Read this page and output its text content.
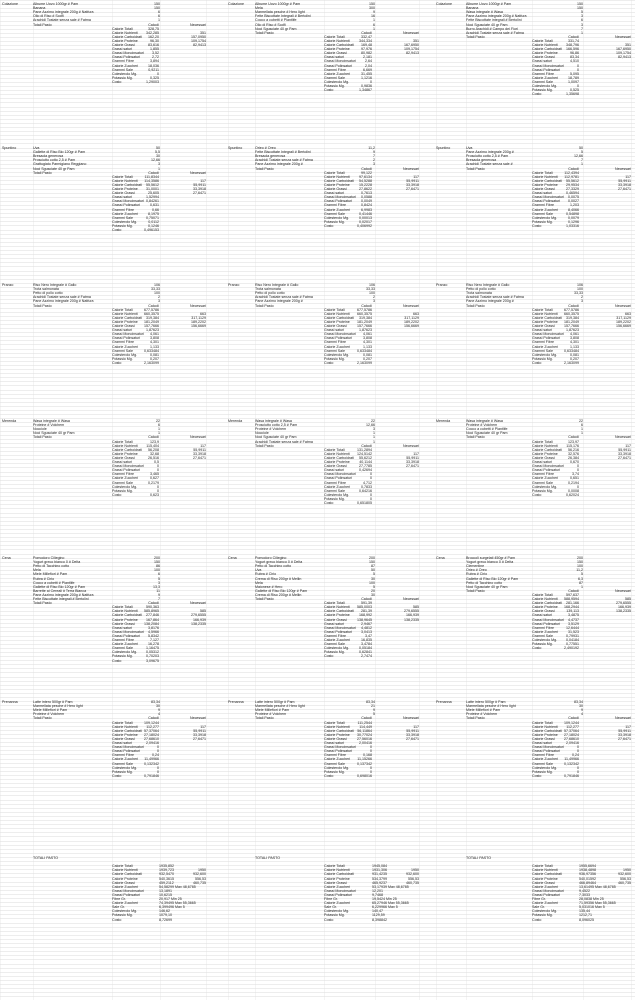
Colazione	Albume Uovo 1000gr # Pam	150
Banana	150
Pane Azzimo integrale 200g # Natfura	6
Olio di Riso # Sodfi	6
Arachidi Tostate senza sale # Fatma	1
Totali Pasto	Calcoli	Necessari
Calorie Totali	328,75
Calorie Nutrienti	342,285	351
Calorie Carboidrati	162,20	157,0950
Calorie Proteine	96,30	109,1754
Calorie Grassi	83,616	82,9413
Grassi saturi	1,855
Grassi Monoinsaturi	3,52
Grassi Polinsaturi	2,72
Grammi Fibre	3,894
Calorie Zuccheri	18,036
Grammi Sale	0,9211
Colesterolo Mg.	0
Potassio Mg.	0,325
Costo	1,29003
Colazione	Albume Uovo 1000gr # Pam	150
Mela	300
Marmellata pesche # Hero light	9
Fette Biscottate Integrali # Bertolini	16
Cocco a cubetti # Plantlife	1
Olio di Riso # Sodfi	6
Noci Sgusciate 40 gr Pam	1
Totali Pasto	Calcoli	Necessari
Calorie Totali	332,47
Calorie Nutrienti	344,334	351
Calorie Carboidrati	169,48	167,6950
Calorie Proteine	97,976	109,1754
Calorie Grassi	80,982	82,9413
Grassi saturi	2,181
Grassi Monoinsaturi	2,64
Grassi Polinsaturi	2,04
Grammi Fibre	6,669
Calorie Zuccheri	31,455
Grammi Sale	1,1216
Colesterolo Mg.	0
Potassio Mg.	0,9836
Costo	1,34867
Colazione	Albume Uovo 1000gr # Pam	150
Banana	150
Wasa integrale # Wasa	5
Pane Azzimo integrale 200g # Natfura	3
Fette Biscottate integrali # Bertolini	6
Noci Sgusciate 40 gr Pam	3
Burro Arachidi # Campo dei Fiori	7
Arachidi Tostate senza sale # Fatma	1
Totali Pasto	Calcoli	Necessari
Calorie Totali	331,74
Calorie Nutrienti	348,796	351
Calorie Carboidrati	166,596	167,6950
Calorie Proteine	96,86	109,1754
Calorie Grassi	83,34	82,9413
Grassi saturi	4,510
Grassi Monoinsaturi	0
Grassi Polinsaturi	0
Grammi Fibre	5,095
Calorie Zuccheri	18,789
Grammi Sale	1,0097
Colesterolo Mg.	0
Potassio Mg.	0,525
Costo	1,35698
Spuntino	Uva	50
Gallette di Riso Bio 120gr # Pam	5,5
Bresaola generosa	30
Prosciutto cotto 2,5 # Pam	12,66
Grattugiato Parmigiano Reggiano	3
Noci Sgusciate 40 gr Pam	1
Totali Pasto	Calcoli	Necessari
Calorie Totali	111,8344
Calorie Nutrienti	114,3586	117
Calorie Carboidrati	55,5612	55,9911
Calorie Proteine	31,0001	33,3918
Calorie Grassi	25,605	27,6471
Grassi saturi	1,52994
Grassi Monoinsaturi 0,84261
Grassi Polinsaturi	0,631
Grammi Fibre	0,66
Calorie Zuccheri	8,1975
Grammi Sale	0,75071
Colesterolo Mg.	0,0112
Potassio Mg.	0,1246
Costo	0,496153
Spuntino	Orieo # Oreo	11,2
Fette Biscottate Integrali # Bertolini	9
Bresaola generosa	7
Arachidi Tostate senza sale # Fatma	2
Pane Azzimo integrale 200g #	3
Totali Pasto	Calcoli	Necessari
Calorie Totali	99,122
Calorie Nutrienti	97,6134	117
Calorie Carboidrati	54,5288	55,9911
Calorie Proteine	15,2228	33,3918
Calorie Grassi	27,8622	27,6471
Grassi saturi	0,7613
Grassi Monoinsaturi	0,0588
Grassi Polinsaturi	0,0049
Grammi Fibre	0,8424
Calorie Zuccheri	6,9983
Grammi Sale	0,41446
Colesterolo Mg.	0,00013
Potassio Mg.	0,02017
Costo	0,406992
Spuntino	Uva	50
Pane Azzimo integrale 200g #	5
Prosciutto cotto 2,5 # Pam	12,66
Bresaola generosa	7
Arachidi Tostate senza sale #	1
Totali Pasto	Calcoli	Necessari
Calorie Totali	112,4394
Calorie Nutrienti	112,9781	117
Calorie Carboidrati	55,5612	55,9911
Calorie Proteine	29,9534	33,3918
Calorie Grassi	27,3329	27,6471
Grassi saturi	0,46594
Grassi Monoinsaturi	0,0075
Grassi Polinsaturi	0,0027
Grammi Fibre	1,203
Calorie Zuccheri	8,4066
Grammi Sale	0,54898
Colesterolo Mg.	0,0079
Potassio Mg.	0,1296
Costo	1,03316
Pranzo	Riso Nero Integrale # Gallo	106
Trota salmonata	33,33
Petto di pollo cotto	100
Arachidi Tostate senza sale # Fatma	2
Pane Azzimo integrale 200g # Natfura	3
Totali Pasto	Calcoli	Necessari
Calorie Totali	677,5786
Calorie Nutrienti	660,3575	663
Calorie Carboidrati	319,384	317,1129
Calorie Proteine	181,2049	189,2202
Calorie Grassi	157,7666	156,6669
Grassi saturi	1,87623
Grassi Monoinsaturi	4,061
Grassi Polinsaturi	3,808
Grammi Fibre	4,301
Calorie Zuccheri	1,133
Grammi Sale	0,633484
Colesterolo Mg.	0,081
Potassio Mg.	0,207
Costo	2,163099
Pranzo	Riso Nero Integrale # Gallo	106
Trota salmonata	33,33
Petto di pollo cotto	100
Arachidi Tostate senza sale # Fatma	2
Pane Azzimo integrale 200g #	3
Totali Pasto	Calcoli	Necessari
Calorie Totali	677,5786
Calorie Nutrienti	660,3575	663
Calorie Carboidrati	319,384	317,1129
Calorie Proteine	181,2049	189,2202
Calorie Grassi	157,7666	156,6669
Grassi saturi	1,87623
Grassi Monoinsaturi	4,061
Grassi Polinsaturi	3,808
Grammi Fibre	4,301
Calorie Zuccheri	1,133
Grammi Sale	0,633484
Colesterolo Mg.	0,081
Potassio Mg.	0,207
Costo	2,163099
Pranzo	Riso Nero Integrale # Gallo	106
Petto di pollo cotto	100
Trota salmonata	33,33
Arachidi Tostate senza sale # Fatma	2
Pane Azzimo integrale 200g #	3
Totali Pasto	Calcoli	Necessari
Calorie Totali	677,5786
Calorie Nutrienti	660,3575	663
Calorie Carboidrati	319,384	317,1129
Calorie Proteine	181,2049	189,2202
Calorie Grassi	157,7666	156,6669
Grassi saturi	1,87623
Grassi Monoinsaturi	4,061
Grassi Polinsaturi	3,808
Grammi Fibre	4,301
Calorie Zuccheri	1,133
Grammi Sale	0,633484
Colesterolo Mg.	0,081
Potassio Mg.	0,207
Costo	2,163099
Merenda	Wasa integrale # Wasa	22
Proteine # Volchem	6
Nocciole	1
Noci Sgusciate 40 gr Pam	1
Totali Pasto	Calcoli	Necessari
Calorie Totali	123,9
Calorie Nutrienti	115,404	117
Calorie Carboidrati	56,208	55,9911
Calorie Proteine	32,68	33,3918
Calorie Grassi	26,516	27,6471
Grassi saturi	0,5
Grassi Monoinsaturi	0
Grassi Polinsaturi	0
Grammi Fibre	3,465
Calorie Zuccheri	0,627
Grammi Sale	0,2179
Colesterolo Mg.	0
Potassio Mg.	0
Costo	0,623
Merenda	Wasa integrale # Wasa	22
Prosciutto cotto 2,5 # Pam	12,66
Proteine # Volchem	3
Nocciole	1
Noci Sgusciate 40 gr Pam	1
Arachidi Tostate senza sale # Fatma	1
Totali Pasto	Calcoli	Necessari
Calorie Totali	131,2894
Calorie Nutrienti	124,5142	117
Calorie Carboidrati	55,6212	55,9911
Calorie Proteine	40,1144	33,3918
Calorie Grassi	27,7785	27,6471
Grassi saturi	0,42694
Grassi Monoinsaturi	0
Grassi Polinsaturi	0
Grammi Fibre	4,712
Calorie Zuccheri	0,7833
Grammi Sale	0,64216
Colesterolo Mg.	0
Potassio Mg.	0
Costo	0,651805
Merenda	Wasa integrale # Wasa	22
Proteine # Volchem	6
Cocco a cubetti # Plantlife	1
Noci Sgusciate 40 gr Pam	1
Totali Pasto	Calcoli	Necessari
Calorie Totali	123,97
Calorie Nutrienti	115,176	117
Calorie Carboidrati	56,216	55,9911
Calorie Proteine	32,576	33,3918
Calorie Grassi	26,384	27,6471
Grassi saturi	0,670
Grassi Monoinsaturi	0
Grassi Polinsaturi	0
Grammi Fibre	3,74
Calorie Zuccheri	0,651
Grammi Sale	0,2194
Colesterolo Mg.	0
Potassio Mg.	0,0008
Costo	0,62024
Cena	Pomodoro Ciliegino	200
Yogurt greco bianco 0 # Delta	150
Petto di Tacchino cotto	86
Mela	100
Miele Millefiori # Pam	6
Rubra # Cirio	5
Cocco a cubetti # Plantlife	3
Gallette di Riso Bio 120gr # Pam	13,3
Barrette ai Cereali # Terra Bianca	11
Pane Azzimo integrale 200g # Natfura	9
Fette Biscottate integrali # Bertolini	7
Totali Pasto	Calcoli	Necessari
Calorie Totali	590,363
Calorie Nutrienti	585,8965	585
Calorie Carboidrati	277,846	279,6555
Calorie Proteine	167,864	166,939
Calorie Grassi	138,2084	138,2335
Grassi saturi	3,8176
Grassi Monoinsaturi	4,5966
Grassi Polinsaturi	5,8342
Grammi Fibre	7,127
Calorie Zuccheri	16,278
Grammi Sale	1,16475
Colesterolo Mg.	0,05312
Potassio Mg.	0,70203
Costo	3,09675
Cena	Pomodoro Ciliegino	200
Yogurt greco bianco 0 # Delta	150
Petto di Tacchino cotto	87
Uva	50
Rubra # Cirio	5
Crema di Riso 200gr # Mellin	30
Mela	100
Maionese # Hero	5
Gallette di Riso Bio 120gr # Pam	20
Crema di Riso 200gr # Mellin	30
Totali Pasto	Calcoli	Necessari
Calorie Totali	591,39
Calorie Nutrienti	585,0003	585
Calorie Carboidrati	281,39	279,6555
Calorie Proteine	168,992	166,939
Calorie Grassi	138,9645	138,2335
Grassi saturi	2,9467
Grassi Monoinsaturi	4,4812
Grassi Polinsaturi	3,0413
Grammi Fibre	3,47
Calorie Zuccheri	16,835
Grammi Sale	3,4784
Colesterolo Mg.	0,05184
Potassio Mg.	0,62841
Costo	2,7474
Cena	Broccoli surgelati 450gr # Pam	200
Yogurt greco bianco 0 # Delta	150
Clementine	100
Orieo # Oreo	11,2
Rubra # Cirio	5
Gallette di Riso Bio 120gr # Pam	6,3
Petto di Tacchino cotto	87
Noci Sgusciate 40 gr Pam	1
Totali Pasto	Calcoli	Necessari
Calorie Totali	597,637
Calorie Nutrienti	588,9594	585
Calorie Carboidrati	281,166	279,6555
Calorie Proteine	168,2944	166,939
Calorie Grassi	139,113	138,2335
Grassi saturi	3,4875
Grassi Monoinsaturi	4,4737
Grassi Polinsaturi	3,5129
Grammi Fibre	12,6444
Calorie Zuccheri	31,523
Grammi Sale	0,79931
Colesterolo Mg.	0,04184
Potassio Mg.	0,77551
Costo	2,490192
Prenanna	Latte intero 500gr # Pam	83,34
Marmellata pesche # Hero light	30
Miele Millefiori # Pam	9
Proteine # Volchem	4
Totali Pasto	Calcoli	Necessari
Calorie Totali	109,1244
Calorie Nutrienti	112,277	117
Calorie Carboidrati 57,37064	55,9911
Calorie Proteine	27,18024	33,3918
Calorie Grassi	27,68610	27,6471
Grassi saturi	2,09416
Grassi Monoinsaturi	0
Grassi Polinsaturi	0
Grammi Fibre	0,24
Calorie Zuccheri	11,49966
Grammi Sale	0,132342
Colesterolo Mg.	0
Potassio Mg.	0
Costo	0,791846
Prenanna	Latte intero 500gr # Pam	83,34
Marmellata pesche # Hero light	21
Miele Millefiori # Pam	9
Proteine # Volchem	5
Totali Pasto	Calcoli	Necessari
Calorie Totali	111,2544
Calorie Nutrienti	114,449	117
Calorie Carboidrati 56,11864	55,9911
Calorie Proteine	30,77024	33,3918
Calorie Grassi	27,56016	27,6471
Grassi saturi	2,00416
Grassi Monoinsaturi	0
Grassi Polinsaturi	0
Grammi Fibre	0,168
Calorie Zuccheri	11,15266
Grammi Sale	0,137342
Colesterolo Mg.	0
Potassio Mg.	0
Costo	0,698016
Prenanna	Latte intero 500gr # Pam	83,34
Marmellata pesche # Hero light	30
Miele Millefiori # Pam	9
Proteine # Volchem	4
Totali Pasto	Calcoli	Necessari
Calorie Totali	109,1244
Calorie Nutrienti	112,277	117
Calorie Carboidrati 57,37064	55,9911
Calorie Proteine	27,18024	33,3918
Calorie Grassi	27,68610	27,6471
Grassi saturi	2,09416
Grassi Monoinsaturi	0
Grassi Polinsaturi	0
Grammi Fibre	0,24
Calorie Zuccheri	11,49966
Grammi Sale	0,132342
Colesterolo Mg.	0
Potassio Mg.	0
Costo	0,791846
TOTALI PASTO
Calorie Totali	1935,852
Calorie Nutrienti	1939,723	1950
Calorie Carboidrati	932,5470	932,600
Calorie Proteine	540,3615	556,53
Calorie Grassi	459,2112	460,735
Calorie Zuccheri	54,58299 Max 48,6785
Grassi Monoinsaturi	13,1891
Grassi Polinsaturi	10,6215
Fibre Gr.	20,917 Min 25
Calorie Zuccheri	74,39495 Max 55,3665
Sale Gr.	6,399496 Max 5
Colesterolo Mg.	146,62
Potassio Mg.	1079,10
Costo	8,72699
TOTALI PASTO
Calorie Totali	1945,084
Calorie Nutrienti	1931,306	1950
Calorie Carboidrati	931,4235	932,600
Calorie Proteine	534,3799	556,53
Calorie Grassi	465,9237	460,735
Calorie Zuccheri	53,17939 Max 48,6785
Grassi Monoinsaturi	12,201
Grassi Polinsaturi	9,7468
Fibre Gr.	19,5424 Min 25
Calorie Zuccheri	65,27946 Max 55,3665
Sale Gr.	6,229966 Max 5
Colesterolo Mg.	140,47
Potassio Mg.	1129,59
Costo	8,398842
TOTALI PASTO
Calorie Totali	1955,6694
Calorie Nutrienti	1938,4898	1950
Calorie Carboidrati	936,97356	932,600
Calorie Proteine	540,01592	556,53
Calorie Grassi	466,89464	460,735
Calorie Zuccheri	13,61495 Max 48,6785
Grassi Monoinsaturi	9,4522
Grassi Polinsaturi	7,3033
Fibre Gr.	28,0838 Min 25
Calorie Zuccheri	71,59356 Max 55,3665
Sale Gr.	5,031016 Max 5
Colesterolo Mg.	135,44
Potassio Mg.	1212,71
Costo	8,096025
